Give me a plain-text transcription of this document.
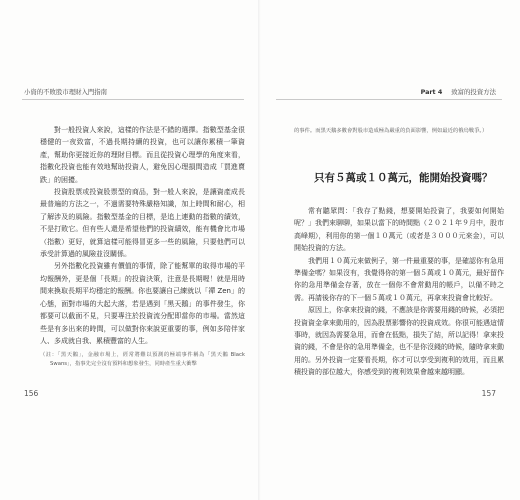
小資的不敗股市理財入門指南	Part 4 致富的投資方法

對一般投資人來說，這樣的作法是不錯的選擇。指數型基金很穩健的一夜致富，不過長期持續的投資，也可以讓你累積一筆資產，幫助你更接近你的理財目標。而且從投資心理學的角度來看，指數化投資也能有效地幫助投資人，避免因心理損間造成「買進賣跌」的困擾。

投資股票或投資股票型的商品，對一般人來說，是讓資產成長最普遍的方法之一，不過需要特殊嚴格知識，加上時間和耐心，相了解涉及的風險。指數型基金的目標，是追上連動的指數的績效，不是打敗它。但有些人還是希望他們的投資績效，能有機會比市場（指數）更好，就算這樣可能得冒更多一些的風險，只要他們可以承受計算過的風險並沒關係。

另外指數化投資雖有價值的事情，除了能幫單的取得市場的平均報酬外，更是個「長期」的投資決策，注意是長期喔！就是用時間來換取長期平均穩定的報酬。你也要讓自己練就以「禪 Zen」的心態，面對市場的大起大落，若是遇到「黑天鵝」的事件發生，你都要可以截面不見，只要專注於投資流分配即當你的市場。當然這些是有多出來的時間，可以做對你來說更重要的事，例如多陪伴家人、多成就自我、累積豐富的人生。

（註：「黑天鵝」，金融市場上，經常將難以預測的極端事件稱為「黑天鵝 Black Swans」，指事先完全沒有預料和想象發生，同時產生重大衝擊
的事件。而黑天鵝多數會對股市造成極為嚴重的負面影響，例如最近的俄烏戰爭。）
只有５萬或１０萬元，能開始投資嗎？

常有聽眾問：「我存了點錢，想要開始投資了，我要如何開始呢？」我們來聊聊，如果以當下的時間點（２０２１年９月中，股市高峰期），利用你的第一個１０萬元（或者是３０００元來金），可以開始投資的方法。

我們用１０萬元來做例子，第一件最重要的事，是確認你有急用準備金嗎？如果沒有，我覺得你的第一個５萬或１０萬元，最好留作你的急用準備金存著，放在一個你不會常動用的帳戶，以備不時之需。再請後你存的下一個５萬或１０萬元，再拿來投資會比較好。

原因上，你拿來投資的錢，不應該是你需要用錢的時候，必須把投資資金拿來動用的，因為股票影響你的投資成效。你很可能遇這情事時，就因為需要急用，而會在低點，損失了結，所以記得！拿來投資的錢，不會是你的急用準備金，也不是你沒錢的時候，隨時拿來動用的。另外投資一定要看長期，你才可以享受到複利的效用，而且累積投資的部位越大，你感受到的複利效果會越來越明顯。

156	157
